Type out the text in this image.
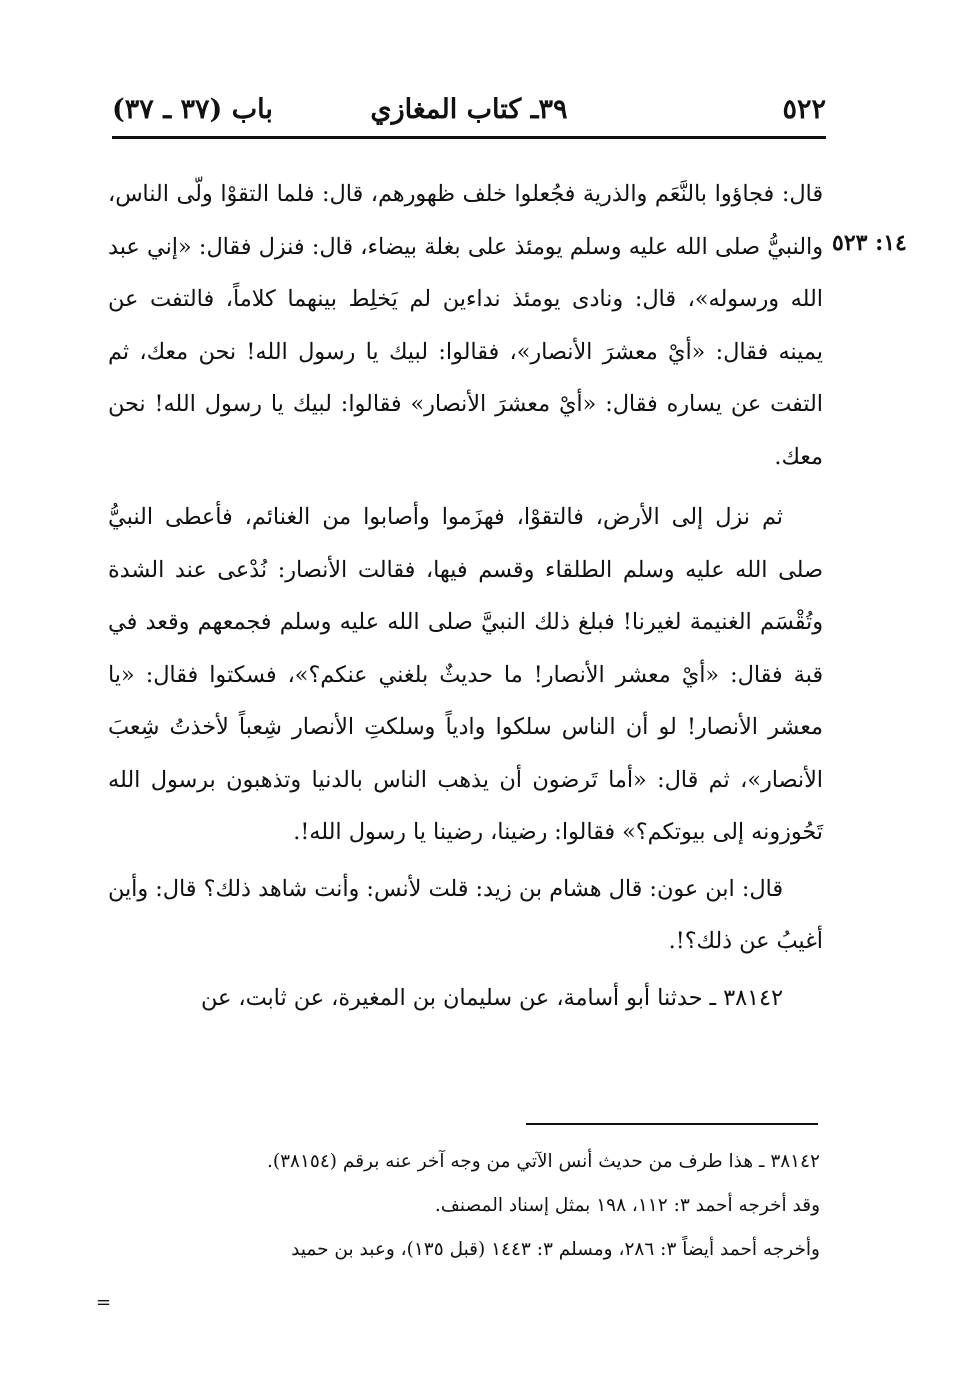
٥٢٢
٣٩ـ كتاب المغازي
باب (٣٧ ـ ٣٧)
١٤: ٥٢٣

قال: فجاؤوا بالنَّعَم والذرية فجُعلوا خلف ظهورهم، قال: فلما التقوْا ولّى الناس، والنبيُّ صلى الله عليه وسلم يومئذ على بغلة بيضاء، قال: فنزل فقال: «إني عبد الله ورسوله»، قال: ونادى يومئذ نداءين لم يَخلِط بينهما كلاماً، فالتفت عن يمينه فقال: «أيْ معشرَ الأنصار»، فقالوا: لبيك يا رسول الله! نحن معك، ثم التفت عن يساره فقال: «أيْ معشرَ الأنصار» فقالوا: لبيك يا رسول الله! نحن معك.

ثم نزل إلى الأرض، فالتقوْا، فهزَموا وأصابوا من الغنائم، فأعطى النبيُّ صلى الله عليه وسلم الطلقاء وقسم فيها، فقالت الأنصار: نُدْعى عند الشدة وتُقْسَم الغنيمة لغيرنا! فبلغ ذلك النبيَّ صلى الله عليه وسلم فجمعهم وقعد في قبة فقال: «أيْ معشر الأنصار! ما حديثٌ بلغني عنكم؟»، فسكتوا فقال: «يا معشر الأنصار! لو أن الناس سلكوا وادياً وسلكتِ الأنصار شِعباً لأخذتُ شِعبَ الأنصار»، ثم قال: «أما تَرضون أن يذهب الناس بالدنيا وتذهبون برسول الله تَحُوزونه إلى بيوتكم؟» فقالوا: رضينا، رضينا يا رسول الله!.

قال: ابن عون: قال هشام بن زيد: قلت لأنس: وأنت شاهد ذلك؟ قال: وأين أغيبُ عن ذلك؟!.

٣٨١٤٢ ـ حدثنا أبو أسامة، عن سليمان بن المغيرة، عن ثابت، عن

٣٨١٤٢ ـ هذا طرف من حديث أنس الآتي من وجه آخر عنه برقم (٣٨١٥٤).

وقد أخرجه أحمد ٣: ١١٢، ١٩٨ بمثل إسناد المصنف.

وأخرجه أحمد أيضاً ٣: ٢٨٦، ومسلم ٣: ١٤٤٣ (قبل ١٣٥)، وعبد بن حميد

=
